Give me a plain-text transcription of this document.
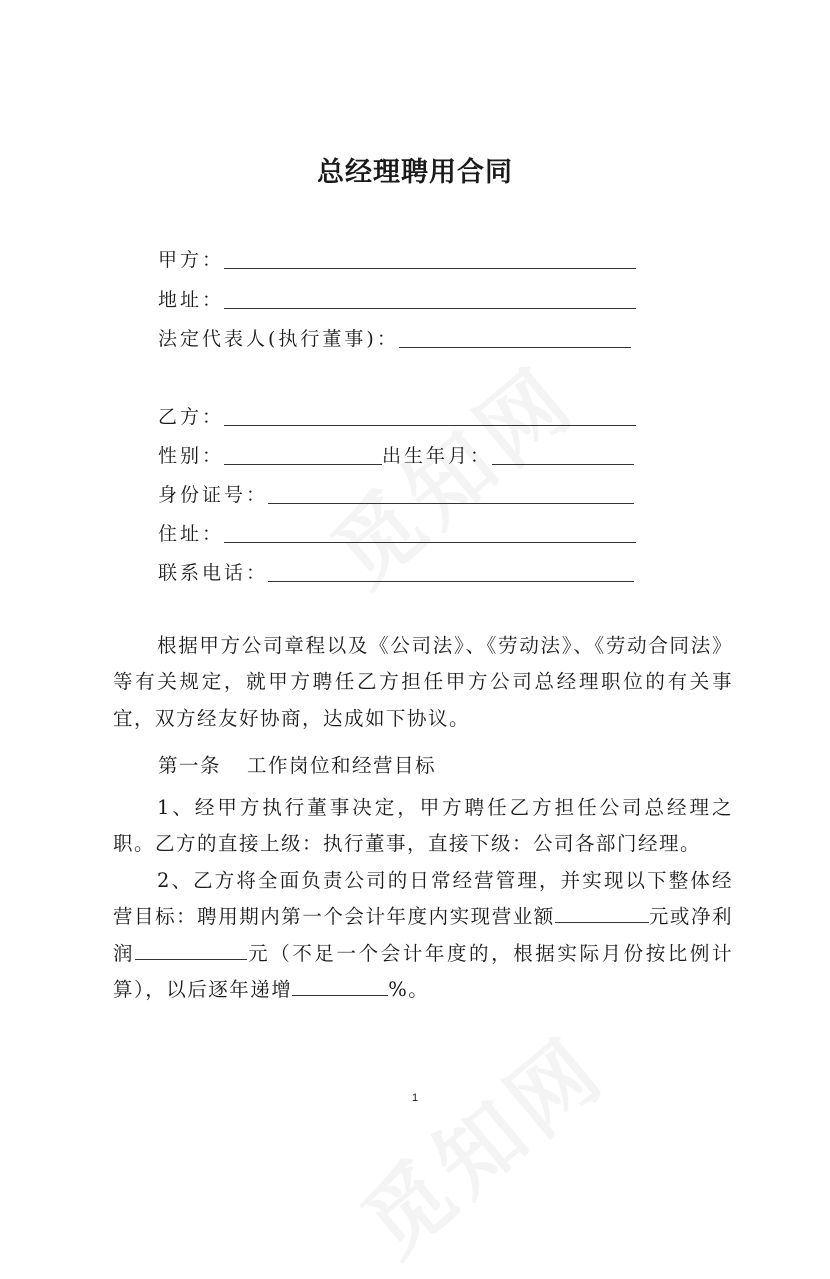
总经理聘用合同
甲方：
地址：
法定代表人(执行董事)：
乙方：
性别：	出生年月：
身份证号：
住址：
联系电话：
根据甲方公司章程以及《公司法》、《劳动法》、《劳动合同法》等有关规定，就甲方聘任乙方担任甲方公司总经理职位的有关事宜，双方经友好协商，达成如下协议。
第一条 工作岗位和经营目标
1、经甲方执行董事决定，甲方聘任乙方担任公司总经理之职。乙方的直接上级：执行董事，直接下级：公司各部门经理。
2、乙方将全面负责公司的日常经营管理，并实现以下整体经营目标：聘用期内第一个会计年度内实现营业额	元或净利润	元（不足一个会计年度的，根据实际月份按比例计算），以后逐年递增	%。
1
